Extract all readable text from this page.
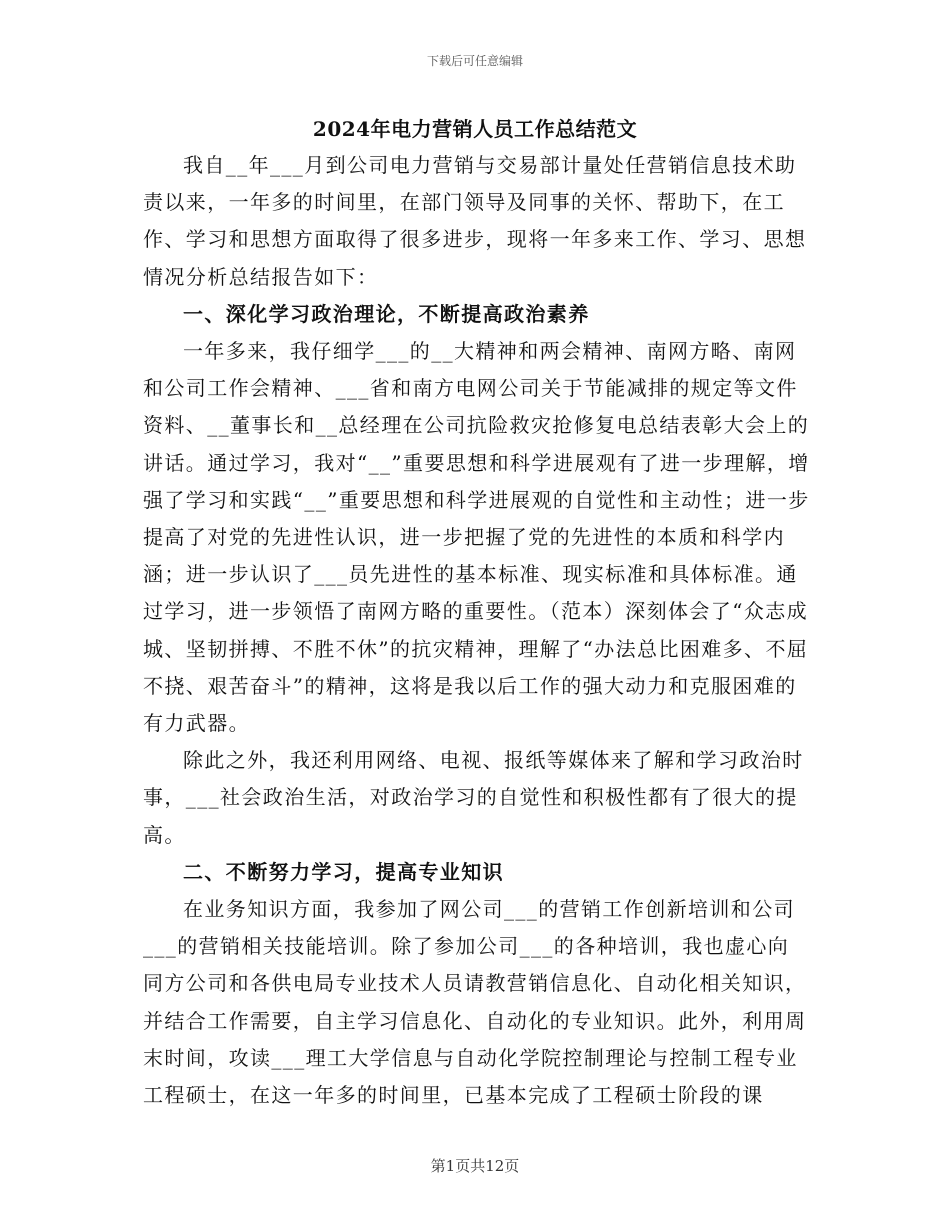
下载后可任意编辑
2024年电力营销人员工作总结范文

我自__年___月到公司电力营销与交易部计量处任营销信息技术助责以来，一年多的时间里，在部门领导及同事的关怀、帮助下，在工作、学习和思想方面取得了很多进步，现将一年多来工作、学习、思想情况分析总结报告如下：

一、深化学习政治理论，不断提高政治素养

一年多来，我仔细学___的__大精神和两会精神、南网方略、南网和公司工作会精神、___省和南方电网公司关于节能减排的规定等文件资料、__董事长和__总经理在公司抗险救灾抢修复电总结表彰大会上的讲话。通过学习，我对“__”重要思想和科学进展观有了进一步理解，增强了学习和实践“__”重要思想和科学进展观的自觉性和主动性；进一步提高了对党的先进性认识，进一步把握了党的先进性的本质和科学内涵；进一步认识了___员先进性的基本标准、现实标准和具体标准。通过学习，进一步领悟了南网方略的重要性。（范本）深刻体会了“众志成城、坚韧拼搏、不胜不休”的抗灾精神，理解了“办法总比困难多、不屈不挠、艰苦奋斗”的精神，这将是我以后工作的强大动力和克服困难的有力武器。

除此之外，我还利用网络、电视、报纸等媒体来了解和学习政治时事，___社会政治生活，对政治学习的自觉性和积极性都有了很大的提高。

二、不断努力学习，提高专业知识

在业务知识方面，我参加了网公司___的营销工作创新培训和公司___的营销相关技能培训。除了参加公司___的各种培训，我也虚心向同方公司和各供电局专业技术人员请教营销信息化、自动化相关知识，并结合工作需要，自主学习信息化、自动化的专业知识。此外，利用周末时间，攻读___理工大学信息与自动化学院控制理论与控制工程专业工程硕士，在这一年多的时间里，已基本完成了工程硕士阶段的课

第1页共12页
